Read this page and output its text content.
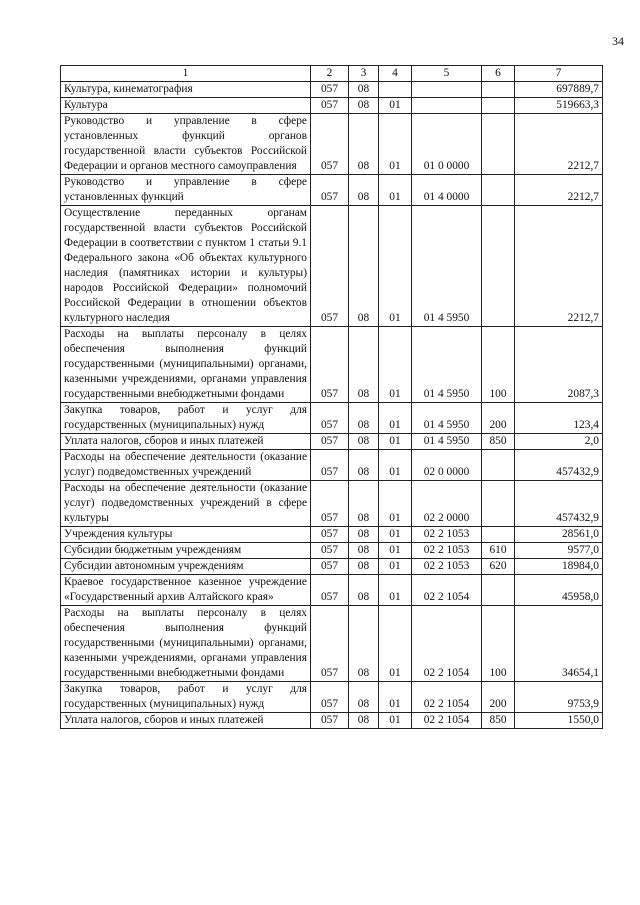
34
1	2	3	4	5	6	7
Культура, кинематография	057	08				697889,7
Культура	057	08	01			519663,3
Руководство и управление в сфере установленных функций органов государственной власти субъектов Российской Федерации и органов местного самоуправления	057	08	01	01 0 0000		2212,7
Руководство и управление в сфере установленных функций	057	08	01	01 4 0000		2212,7
Осуществление переданных органам государственной власти субъектов Российской Федерации в соответствии с пунктом 1 статьи 9.1 Федерального закона «Об объектах культурного наследия (памятниках истории и культуры) народов Российской Федерации» полномочий Российской Федерации в отношении объектов культурного наследия	057	08	01	01 4 5950		2212,7
Расходы на выплаты персоналу в целях обеспечения выполнения функций государственными (муниципальными) органами, казенными учреждениями, органами управления государственными внебюджетными фондами	057	08	01	01 4 5950	100	2087,3
Закупка товаров, работ и услуг для государственных (муниципальных) нужд	057	08	01	01 4 5950	200	123,4
Уплата налогов, сборов и иных платежей	057	08	01	01 4 5950	850	2,0
Расходы на обеспечение деятельности (оказание услуг) подведомственных учреждений	057	08	01	02 0 0000		457432,9
Расходы на обеспечение деятельности (оказание услуг) подведомственных учреждений в сфере культуры	057	08	01	02 2 0000		457432,9
Учреждения культуры	057	08	01	02 2 1053		28561,0
Субсидии бюджетным учреждениям	057	08	01	02 2 1053	610	9577,0
Субсидии автономным учреждениям	057	08	01	02 2 1053	620	18984,0
Краевое государственное казенное учреждение «Государственный архив Алтайского края»	057	08	01	02 2 1054		45958,0
Расходы на выплаты персоналу в целях обеспечения выполнения функций государственными (муниципальными) органами, казенными учреждениями, органами управления государственными внебюджетными фондами	057	08	01	02 2 1054	100	34654,1
Закупка товаров, работ и услуг для государственных (муниципальных) нужд	057	08	01	02 2 1054	200	9753,9
Уплата налогов, сборов и иных платежей	057	08	01	02 2 1054	850	1550,0
